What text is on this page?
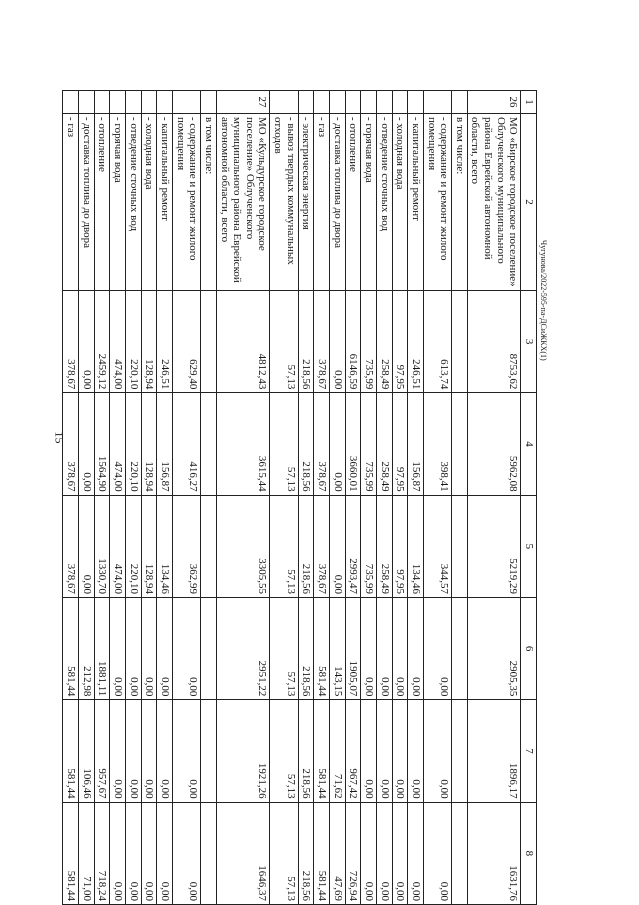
15
Чугунова/2022-595-па-ДСиЖКХ(1)
1	2	3	4	5	6	7	8
26	МО «Бирское городское поселение» Облученского муниципального района Еврейской автономной области, всего	8753,62	5962,08	5219,29	2905,35	1896,17	1631,76
	в том числе:						
	- содержание и ремонт жилого помещения	613,74	398,41	344,57	0,00	0,00	0,00
	- капитальный ремонт	246,51	156,87	134,46	0,00	0,00	0,00
	- холодная вода	97,95	97,95	97,95	0,00	0,00	0,00
	- отведение сточных вод	258,49	258,49	258,49	0,00	0,00	0,00
	- горячая вода	735,99	735,99	735,99	0,00	0,00	0,00
	- отопление	6146,59	3660,01	2993,47	1905,07	967,42	726,94
	- доставка топлива до двора	0,00	0,00	0,00	143,15	71,62	47,69
	- газ	378,67	378,67	378,67	581,44	581,44	581,44
	- электрическая энергия	218,56	218,56	218,56	218,56	218,56	218,56
	- вывоз твердых коммунальных отходов	57,13	57,13	57,13	57,13	57,13	57,13
27	МО «Кульдурское городское поселение» Облученского муниципального района Еврейской автономной области, всего	4812,43	3615,44	3305,55	2951,22	1921,26	1646,37
	в том числе:						
	- содержание и ремонт жилого помещения	629,40	416,27	362,99	0,00	0,00	0,00
	- капитальный ремонт	246,51	156,87	134,46	0,00	0,00	0,00
	- холодная вода	128,94	128,94	128,94	0,00	0,00	0,00
	- отведение сточных вод	220,10	220,10	220,10	0,00	0,00	0,00
	- горячая вода	474,00	474,00	474,00	0,00	0,00	0,00
	- отопление	2459,12	1564,90	1330,70	1881,11	957,67	718,24
	- доставка топлива до двора	0,00	0,00	0,00	212,98	106,46	71,00
	- газ	378,67	378,67	378,67	581,44	581,44	581,44
